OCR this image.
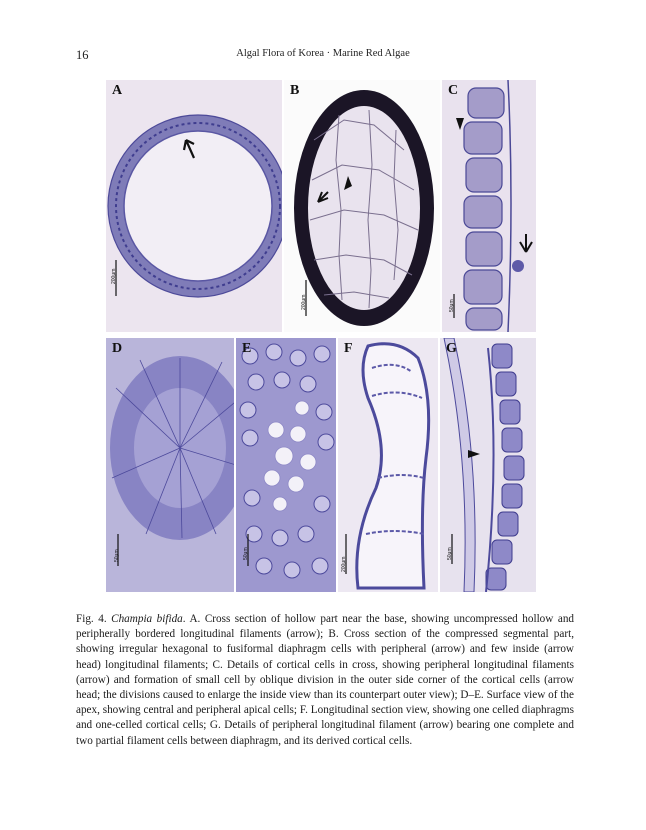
16	Algal Flora of Korea · Marine Red Algae
A
200μm
B
200μm
C
50μm
D
50μm
E
50μm
F
200μm
G
50μm
Fig. 4. Champia bifida. A. Cross section of hollow part near the base, showing uncompressed hollow and peripherally bordered longitudinal filaments (arrow); B. Cross section of the compressed segmental part, showing irregular hexagonal to fusiformal diaphragm cells with peripheral (arrow) and few inside (arrow head) longitudinal filaments; C. Details of cortical cells in cross, showing peripheral longitudinal filaments (arrow) and formation of small cell by oblique division in the outer side corner of the cortical cells (arrow head; the divisions caused to enlarge the inside view than its counterpart outer view); D–E. Surface view of the apex, showing central and peripheral apical cells; F. Longitudinal section view, showing one celled diaphragms and one-celled cortical cells; G. Details of peripheral longitudinal filament (arrow) bearing one complete and two partial filament cells between diaphragm, and its derived cortical cells.
